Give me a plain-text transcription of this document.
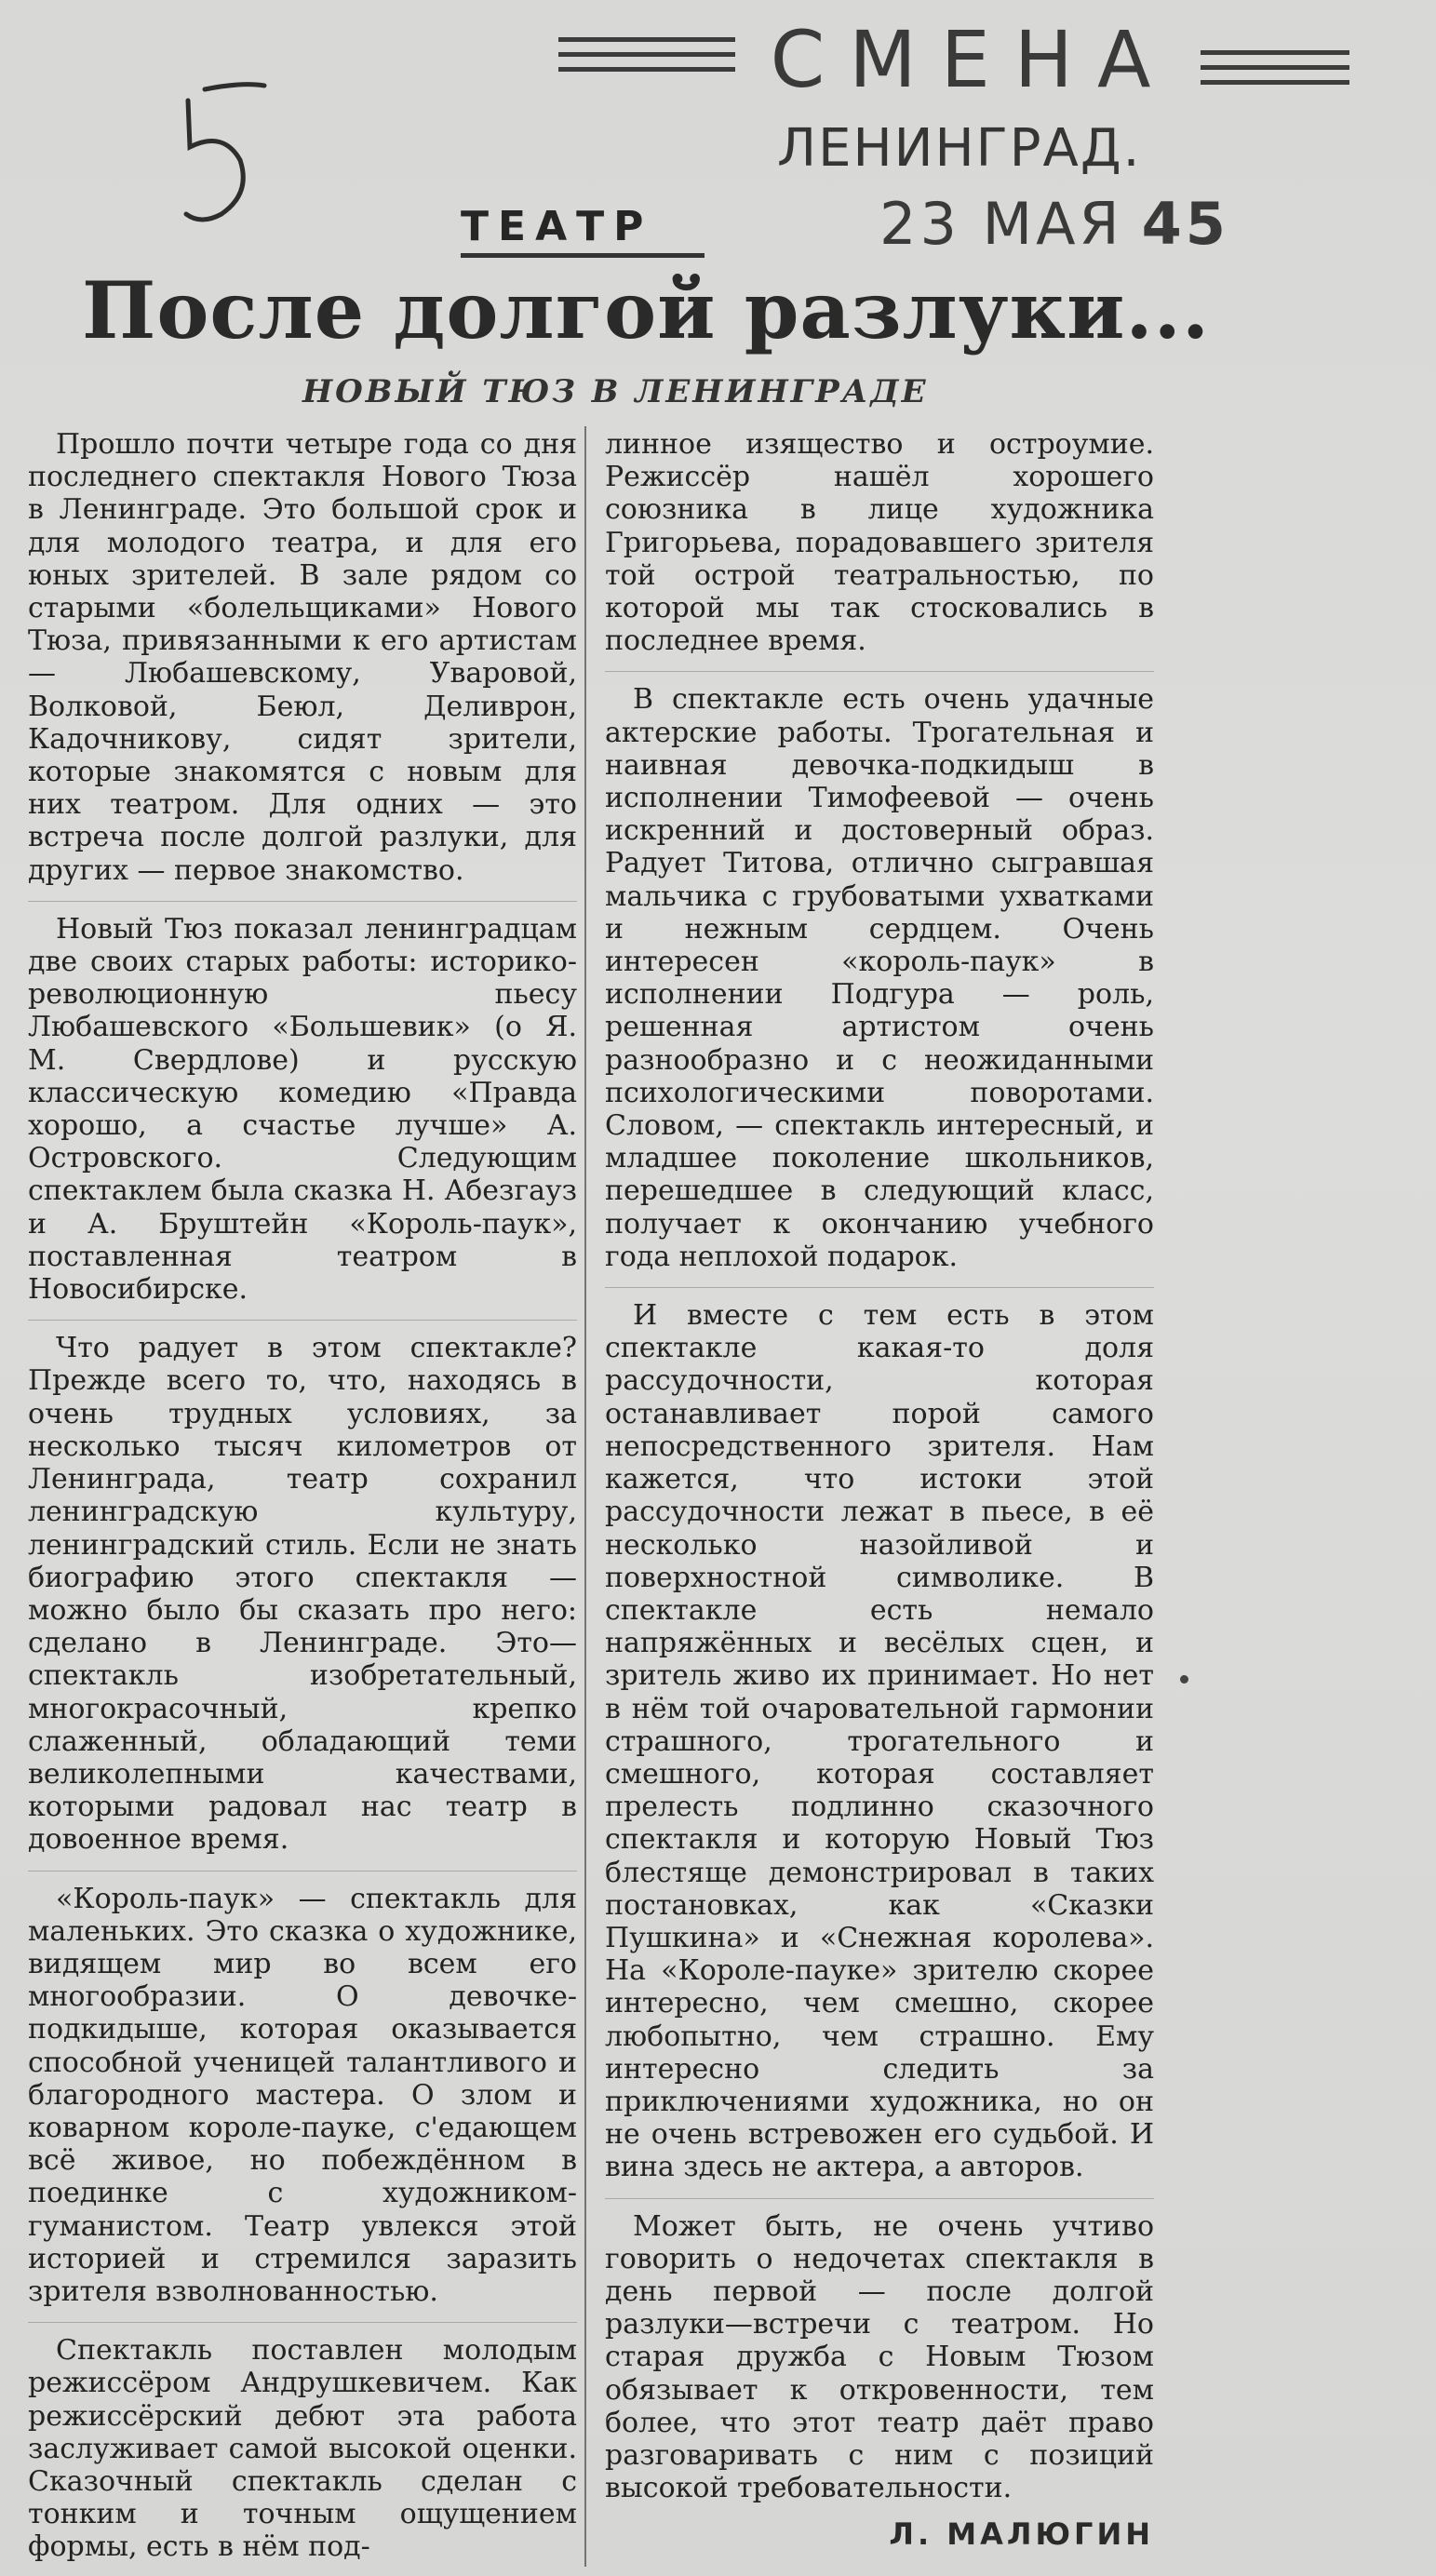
СМЕНА
ЛЕНИНГРАД.
23 МАЯ 45
ТЕАТР
После долгой разлуки...
НОВЫЙ ТЮЗ В ЛЕНИНГРАДЕ

Прошло почти четыре года со дня последнего спектакля Нового Тюза в Ленинграде. Это большой срок и для молодого театра, и для его юных зрителей. В зале рядом со старыми «болельщиками» Нового Тюза, привязанными к его артистам — Любашевскому, Уваровой, Волковой, Беюл, Деливрон, Кадочникову, сидят зрители, которые знакомятся с новым для них театром. Для одних — это встреча после долгой разлуки, для других — первое знакомство.

Новый Тюз показал ленинградцам две своих старых работы: историко-революционную пьесу Любашевского «Большевик» (о Я. М. Свердлове) и русскую классическую комедию «Правда хорошо, а счастье лучше» А. Островского. Следующим спектаклем была сказка Н. Абезгауз и А. Бруштейн «Король-паук», поставленная театром в Новосибирске.

Что радует в этом спектакле? Прежде всего то, что, находясь в очень трудных условиях, за несколько тысяч километров от Ленинграда, театр сохранил ленинградскую культуру, ленинградский стиль. Если не знать биографию этого спектакля — можно было бы сказать про него: сделано в Ленинграде. Это—спектакль изобретательный, многокрасочный, крепко слаженный, обладающий теми великолепными качествами, которыми радовал нас театр в довоенное время.

«Король-паук» — спектакль для маленьких. Это сказка о художнике, видящем мир во всем его многообразии. О девочке-подкидыше, которая оказывается способной ученицей талантливого и благородного мастера. О злом и коварном короле-пауке, с'едающем всё живое, но побеждённом в поединке с художником-гуманистом. Театр увлекся этой историей и стремился заразить зрителя взволнованностью.

Спектакль поставлен молодым режиссёром Андрушкевичем. Как режиссёрский дебют эта работа заслуживает самой высокой оценки. Сказочный спектакль сделан с тонким и точным ощущением формы, есть в нём под-

линное изящество и остроумие. Режиссёр нашёл хорошего союзника в лице художника Григорьева, порадовавшего зрителя той острой театральностью, по которой мы так стосковались в последнее время.

В спектакле есть очень удачные актерские работы. Трогательная и наивная девочка-подкидыш в исполнении Тимофеевой — очень искренний и достоверный образ. Радует Титова, отлично сыгравшая мальчика с грубоватыми ухватками и нежным сердцем. Очень интересен «король-паук» в исполнении Подгура — роль, решенная артистом очень разнообразно и с неожиданными психологическими поворотами. Словом, — спектакль интересный, и младшее поколение школьников, перешедшее в следующий класс, получает к окончанию учебного года неплохой подарок.

И вместе с тем есть в этом спектакле какая-то доля рассудочности, которая останавливает порой самого непосредственного зрителя. Нам кажется, что истоки этой рассудочности лежат в пьесе, в её несколько назойливой и поверхностной символике. В спектакле есть немало напряжённых и весёлых сцен, и зритель живо их принимает. Но нет в нём той очаровательной гармонии страшного, трогательного и смешного, которая составляет прелесть подлинно сказочного спектакля и которую Новый Тюз блестяще демонстрировал в таких постановках, как «Сказки Пушкина» и «Снежная королева». На «Короле-пауке» зрителю скорее интересно, чем смешно, скорее любопытно, чем страшно. Ему интересно следить за приключениями художника, но он не очень встревожен его судьбой. И вина здесь не актера, а авторов.

Может быть, не очень учтиво говорить о недочетах спектакля в день первой — после долгой разлуки—встречи с театром. Но старая дружба с Новым Тюзом обязывает к откровенности, тем более, что этот театр даёт право разговаривать с ним с позиций высокой требовательности.

Л. МАЛЮГИН
